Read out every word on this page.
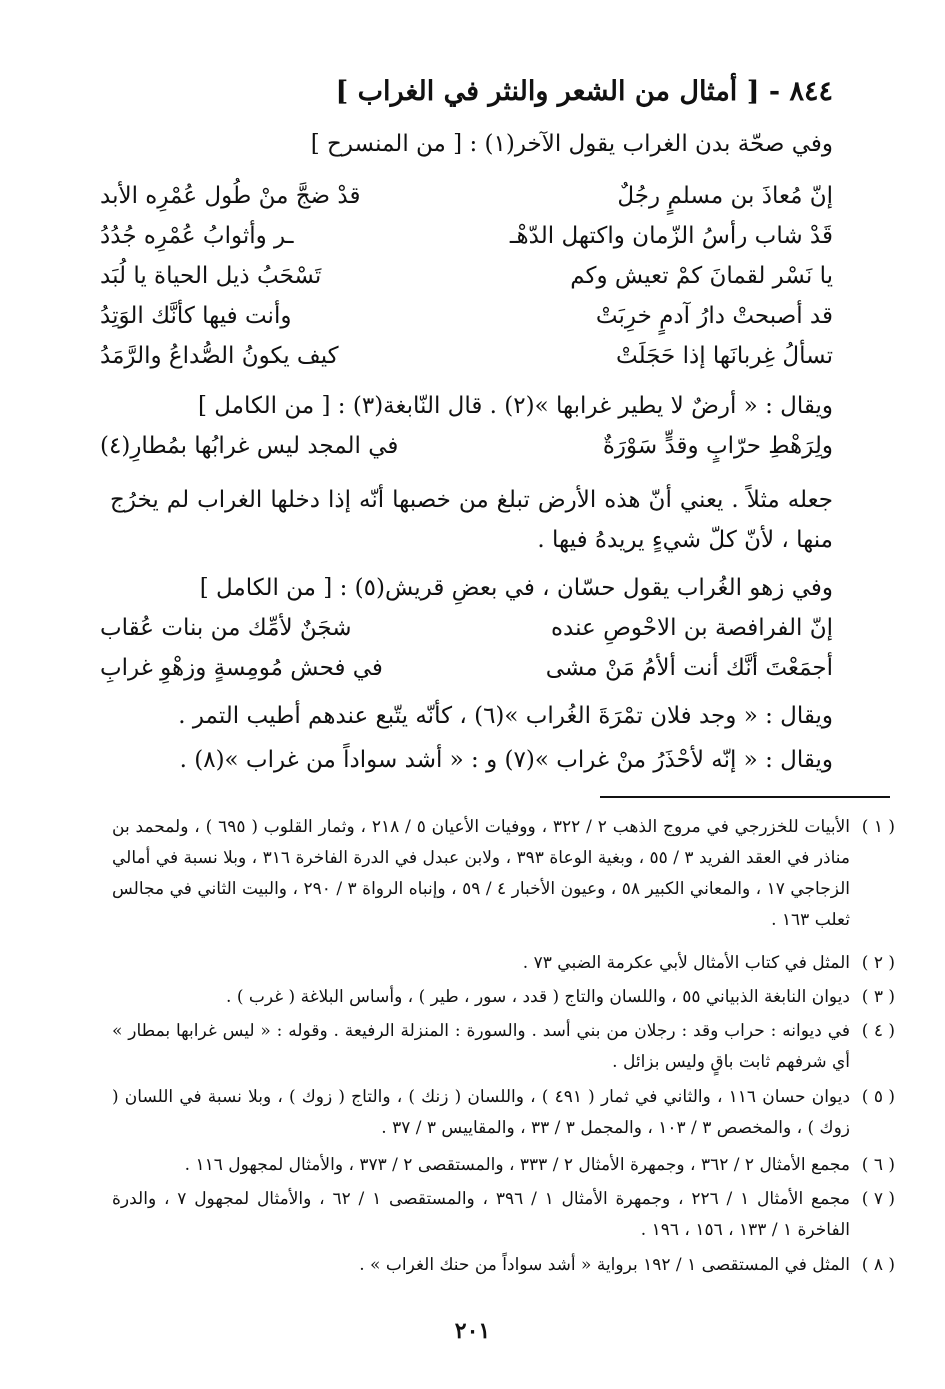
٨٤٤ - [ أمثال من الشعر والنثر في الغراب ]
وفي صحّة بدن الغراب يقول الآخر(١) : [ من المنسرح ]
إنّ مُعاذَ بن مسلمٍ رجُلٌ
قدْ ضجَّ منْ طُول عُمْرِه الأبد
قَدْ شاب رأسُ الزّمان واكتهل الدّهْـ
ـر وأثوابُ عُمْرِه جُدُدُ
يا نَسْر لقمانَ كمْ تعيش وكم
تَسْحَبُ ذيل الحياة يا لُبَد
قد أصبحتْ دارُ آدمٍ خرِبَتْ
وأنت فيها كأنَّك الوَتِدُ
تسألُ غِربانَها إذا حَجَلَتْ
كيف يكونُ الصُّداعُ والرَّمَدُ
ويقال : « أرضٌ لا يطير غرابها »(٢) . قال النّابغة(٣) : [ من الكامل ]
ولِرَهْطِ حرّابٍ وقدٍّ سَوْرَةٌ
في المجد ليس غرابُها بمُطارِ(٤)
جعله مثلاً . يعني أنّ هذه الأرض تبلغ من خصبها أنّه إذا دخلها الغراب لم يخرُج منها ، لأنّ كلّ شيءٍ يريدهُ فيها .
وفي زهو الغُراب يقول حسّان ، في بعضِ قريش(٥) : [ من الكامل ]
إنّ الفرافصة بن الاحْوصِ عنده
شجَنٌ لأمِّك من بنات عُقاب
أجمَعْتَ أنَّك أنت ألأمُ مَنْ مشى
في فحش مُومِسةٍ وزهْوِ غرابِ
ويقال : « وجد فلان تمْرَةَ الغُراب »(٦) ، كأنّه يتّبع عندهم أطيب التمر .
ويقال : « إنّه لأحْذَرُ منْ غراب »(٧) و : « أشد سواداً من غراب »(٨) .
( ١ )
الأبيات للخزرجي في مروج الذهب ٢ / ٣٢٢ ، ووفيات الأعيان ٥ / ٢١٨ ، وثمار القلوب ( ٦٩٥ ) ، ولمحمد بن مناذر في العقد الفريد ٣ / ٥٥ ، وبغية الوعاة ٣٩٣ ، ولابن عبدل في الدرة الفاخرة ٣١٦ ، وبلا نسبة في أمالي الزجاجي ١٧ ، والمعاني الكبير ٥٨ ، وعيون الأخبار ٤ / ٥٩ ، وإنباه الرواة ٣ / ٢٩٠ ، والبيت الثاني في مجالس ثعلب ١٦٣ .
( ٢ )
المثل في كتاب الأمثال لأبي عكرمة الضبي ٧٣ .
( ٣ )
ديوان النابغة الذبياني ٥٥ ، واللسان والتاج ( قدد ، سور ، طير ) ، وأساس البلاغة ( غرب ) .
( ٤ )
في ديوانه : حراب وقد : رجلان من بني أسد . والسورة : المنزلة الرفيعة . وقوله : « ليس غرابها بمطار » أي شرفهم ثابت باقٍ وليس بزائل .
( ٥ )
ديوان حسان ١١٦ ، والثاني في ثمار ( ٤٩١ ) ، واللسان ( زنك ) ، والتاج ( زوك ) ، وبلا نسبة في اللسان ( زوك ) ، والمخصص ٣ / ١٠٣ ، والمجمل ٣ / ٣٣ ، والمقاييس ٣ / ٣٧ .
( ٦ )
مجمع الأمثال ٢ / ٣٦٢ ، وجمهرة الأمثال ٢ / ٣٣٣ ، والمستقصى ٢ / ٣٧٣ ، والأمثال لمجهول ١١٦ .
( ٧ )
مجمع الأمثال ١ / ٢٢٦ ، وجمهرة الأمثال ١ / ٣٩٦ ، والمستقصى ١ / ٦٢ ، والأمثال لمجهول ٧ ، والدرة الفاخرة ١ / ١٣٣ ، ١٥٦ ، ١٩٦ .
( ٨ )
المثل في المستقصى ١ / ١٩٢ برواية « أشد سواداً من حنك الغراب » .
٢٠١
